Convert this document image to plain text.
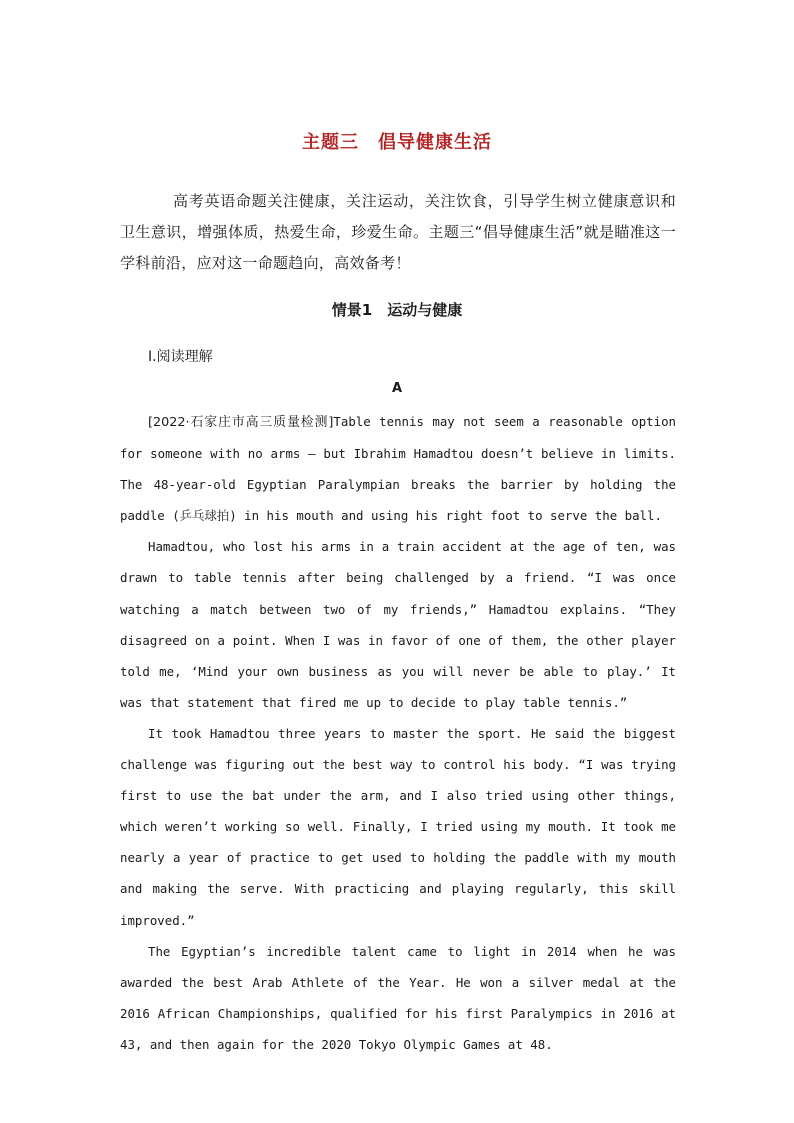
主题三　倡导健康生活
高考英语命题关注健康，关注运动，关注饮食，引导学生树立健康意识和卫生意识，增强体质，热爱生命，珍爱生命。主题三“倡导健康生活”就是瞄准这一学科前沿，应对这一命题趋向，高效备考！
情景1　运动与健康
Ⅰ.阅读理解
A

[2022·石家庄市高三质量检测]Table tennis may not seem a reasonable option for someone with no arms — but Ibrahim Hamadtou doesn’t believe in limits. The 48-year-old Egyptian Paralympian breaks the barrier by holding the paddle (乒乓球拍) in his mouth and using his right foot to serve the ball.

Hamadtou, who lost his arms in a train accident at the age of ten, was drawn to table tennis after being challenged by a friend. “I was once watching a match between two of my friends,” Hamadtou explains. “They disagreed on a point. When I was in favor of one of them, the other player told me, ‘Mind your own business as you will never be able to play.’ It was that statement that fired me up to decide to play table tennis.”

It took Hamadtou three years to master the sport. He said the biggest challenge was figuring out the best way to control his body. “I was trying first to use the bat under the arm, and I also tried using other things, which weren’t working so well. Finally, I tried using my mouth. It took me nearly a year of practice to get used to holding the paddle with my mouth and making the serve. With practicing and playing regularly, this skill improved.”

The Egyptian’s incredible talent came to light in 2014 when he was awarded the best Arab Athlete of the Year. He won a silver medal at the 2016 African Championships, qualified for his first Paralympics in 2016 at 43, and then again for the 2020 Tokyo Olympic Games at 48.
